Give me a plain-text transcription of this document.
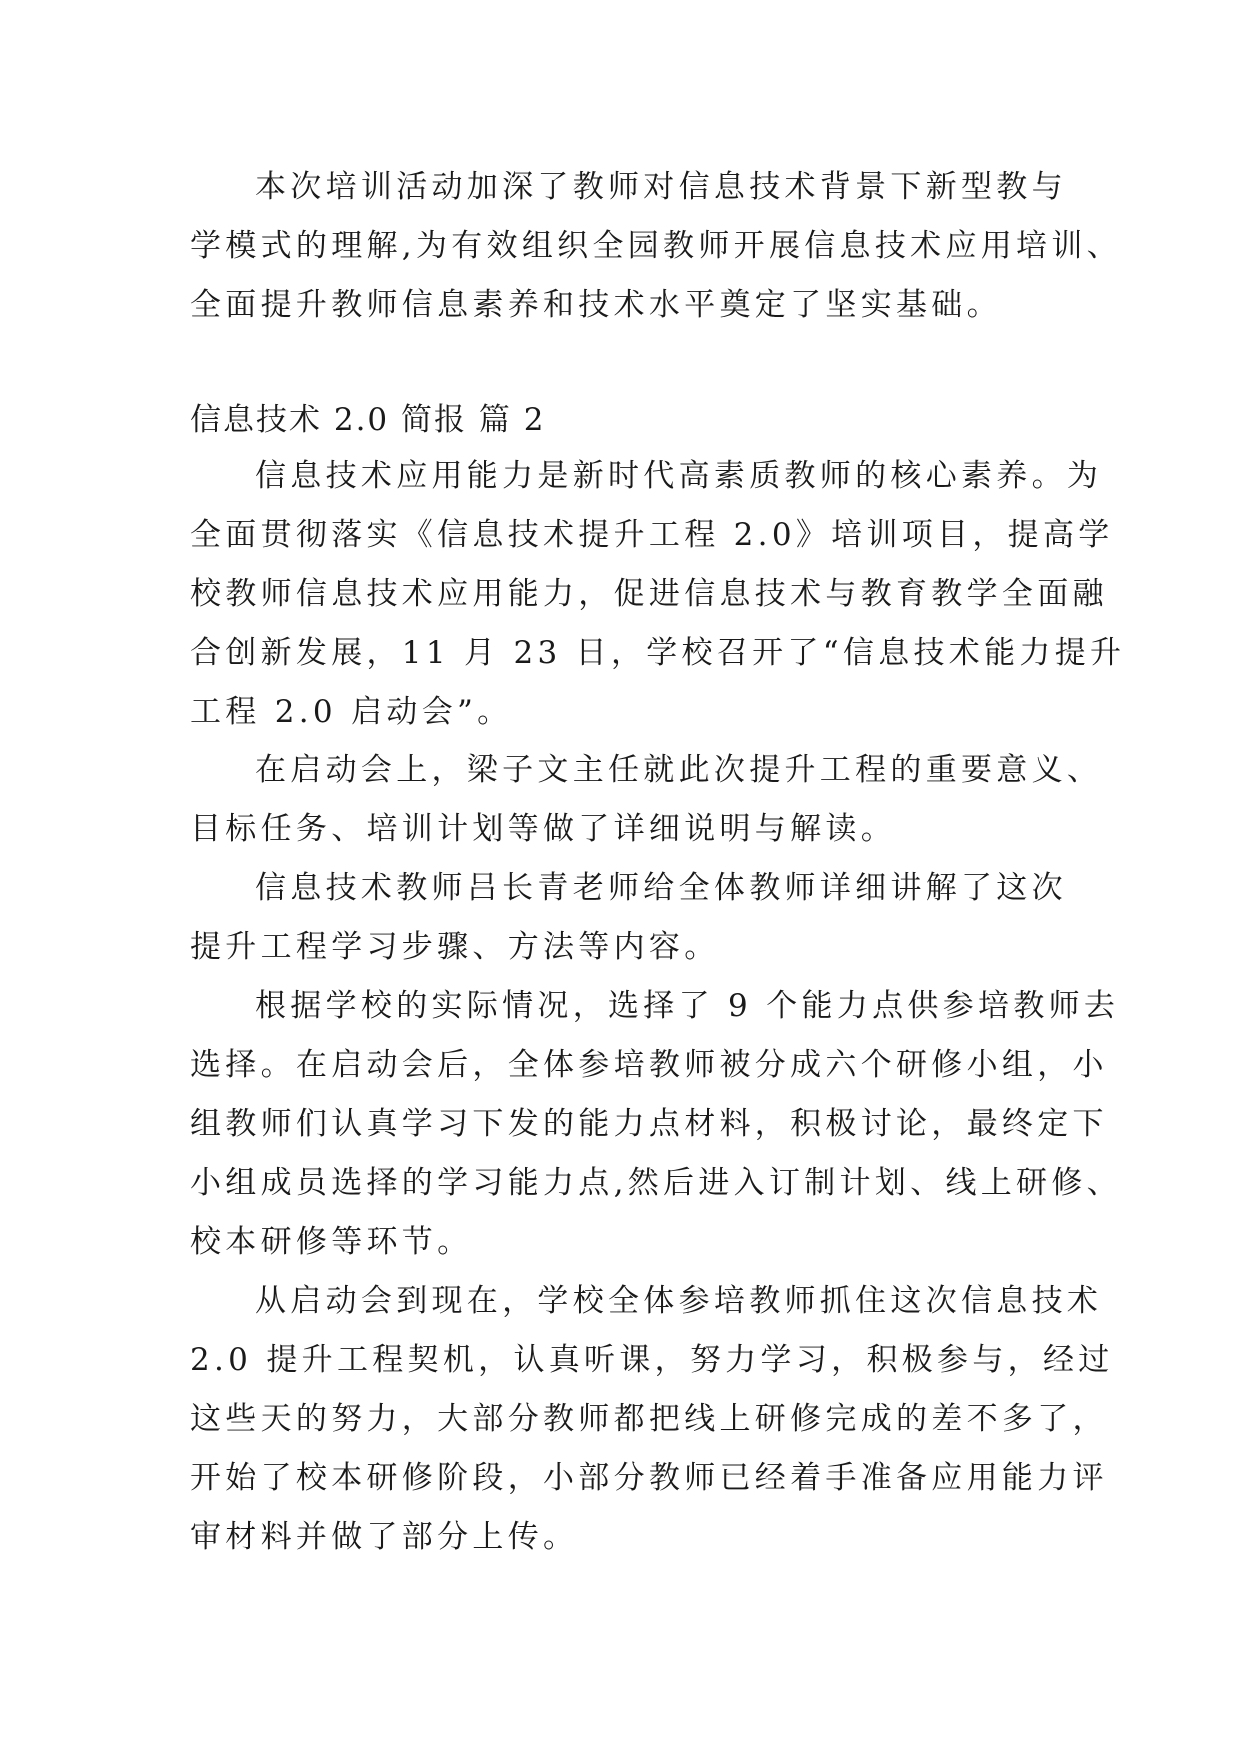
本次培训活动加深了教师对信息技术背景下新型教与
学模式的理解,为有效组织全园教师开展信息技术应用培训、
全面提升教师信息素养和技术水平奠定了坚实基础。
信息技术 2.0 简报 篇 2
信息技术应用能力是新时代高素质教师的核心素养。为
全面贯彻落实《信息技术提升工程 2.0》培训项目，提高学
校教师信息技术应用能力，促进信息技术与教育教学全面融
合创新发展，11 月 23 日，学校召开了“信息技术能力提升
工程 2.0 启动会”。
在启动会上，梁子文主任就此次提升工程的重要意义、
目标任务、培训计划等做了详细说明与解读。
信息技术教师吕长青老师给全体教师详细讲解了这次
提升工程学习步骤、方法等内容。
根据学校的实际情况，选择了 9 个能力点供参培教师去
选择。在启动会后，全体参培教师被分成六个研修小组，小
组教师们认真学习下发的能力点材料，积极讨论，最终定下
小组成员选择的学习能力点,然后进入订制计划、线上研修、
校本研修等环节。
从启动会到现在，学校全体参培教师抓住这次信息技术
2.0 提升工程契机，认真听课，努力学习，积极参与，经过
这些天的努力，大部分教师都把线上研修完成的差不多了，
开始了校本研修阶段，小部分教师已经着手准备应用能力评
审材料并做了部分上传。
